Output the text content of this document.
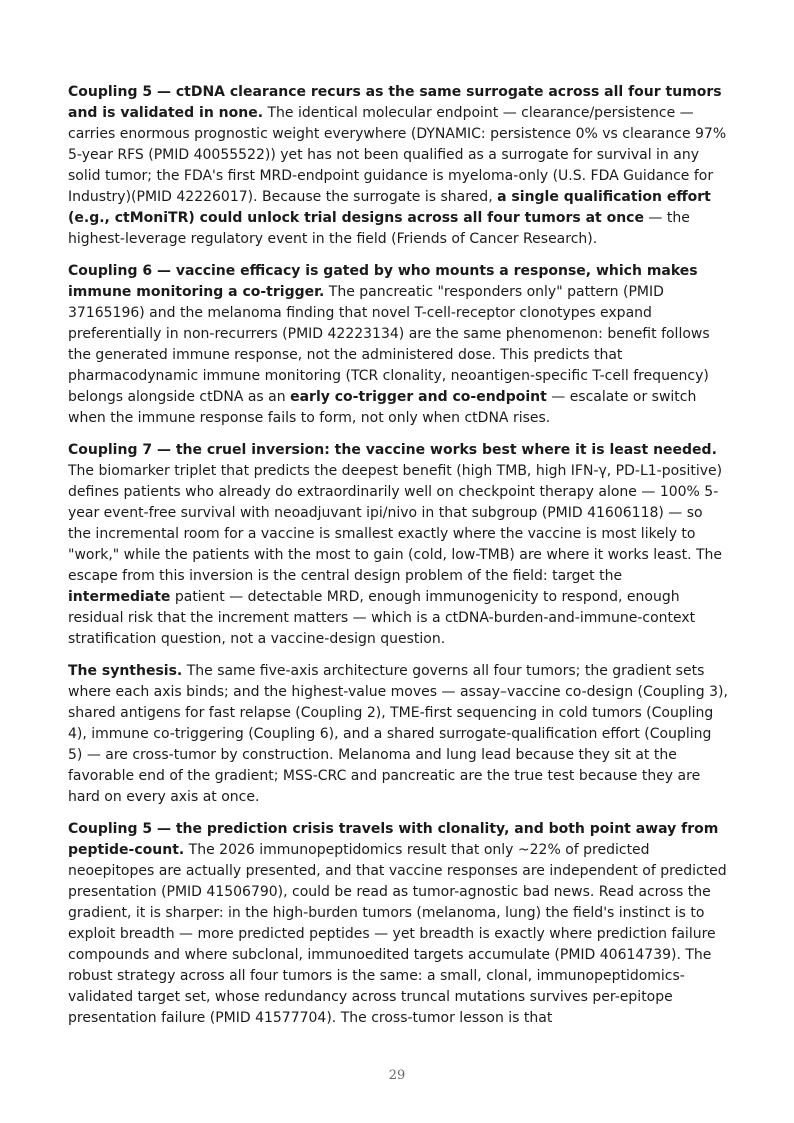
Coupling 5 — ctDNA clearance recurs as the same surrogate across all four tumors and is validated in none. The identical molecular endpoint — clearance/persistence — carries enormous prognostic weight everywhere (DYNAMIC: persistence 0% vs clearance 97% 5-year RFS (PMID 40055522)) yet has not been qualified as a surrogate for survival in any solid tumor; the FDA's first MRD-endpoint guidance is myeloma-only (U.S. FDA Guidance for Industry)(PMID 42226017). Because the surrogate is shared, a single qualification effort (e.g., ctMoniTR) could unlock trial designs across all four tumors at once — the highest-leverage regulatory event in the field (Friends of Cancer Research).

Coupling 6 — vaccine efficacy is gated by who mounts a response, which makes immune monitoring a co-trigger. The pancreatic "responders only" pattern (PMID 37165196) and the melanoma finding that novel T-cell-receptor clonotypes expand preferentially in non-recurrers (PMID 42223134) are the same phenomenon: benefit follows the generated immune response, not the administered dose. This predicts that pharmacodynamic immune monitoring (TCR clonality, neoantigen-specific T-cell frequency) belongs alongside ctDNA as an early co-trigger and co-endpoint — escalate or switch when the immune response fails to form, not only when ctDNA rises.

Coupling 7 — the cruel inversion: the vaccine works best where it is least needed. The biomarker triplet that predicts the deepest benefit (high TMB, high IFN-γ, PD-L1-positive) defines patients who already do extraordinarily well on checkpoint therapy alone — 100% 5-year event-free survival with neoadjuvant ipi/nivo in that subgroup (PMID 41606118) — so the incremental room for a vaccine is smallest exactly where the vaccine is most likely to "work," while the patients with the most to gain (cold, low-TMB) are where it works least. The escape from this inversion is the central design problem of the field: target the intermediate patient — detectable MRD, enough immunogenicity to respond, enough residual risk that the increment matters — which is a ctDNA-burden-and-immune-context stratification question, not a vaccine-design question.

The synthesis. The same five-axis architecture governs all four tumors; the gradient sets where each axis binds; and the highest-value moves — assay–vaccine co-design (Coupling 3), shared antigens for fast relapse (Coupling 2), TME-first sequencing in cold tumors (Coupling 4), immune co-triggering (Coupling 6), and a shared surrogate-qualification effort (Coupling 5) — are cross-tumor by construction. Melanoma and lung lead because they sit at the favorable end of the gradient; MSS-CRC and pancreatic are the true test because they are hard on every axis at once.

Coupling 5 — the prediction crisis travels with clonality, and both point away from peptide-count. The 2026 immunopeptidomics result that only ~22% of predicted neoepitopes are actually presented, and that vaccine responses are independent of predicted presentation (PMID 41506790), could be read as tumor-agnostic bad news. Read across the gradient, it is sharper: in the high-burden tumors (melanoma, lung) the field's instinct is to exploit breadth — more predicted peptides — yet breadth is exactly where prediction failure compounds and where subclonal, immunoedited targets accumulate (PMID 40614739). The robust strategy across all four tumors is the same: a small, clonal, immunopeptidomics-validated target set, whose redundancy across truncal mutations survives per-epitope presentation failure (PMID 41577704). The cross-tumor lesson is that

29
